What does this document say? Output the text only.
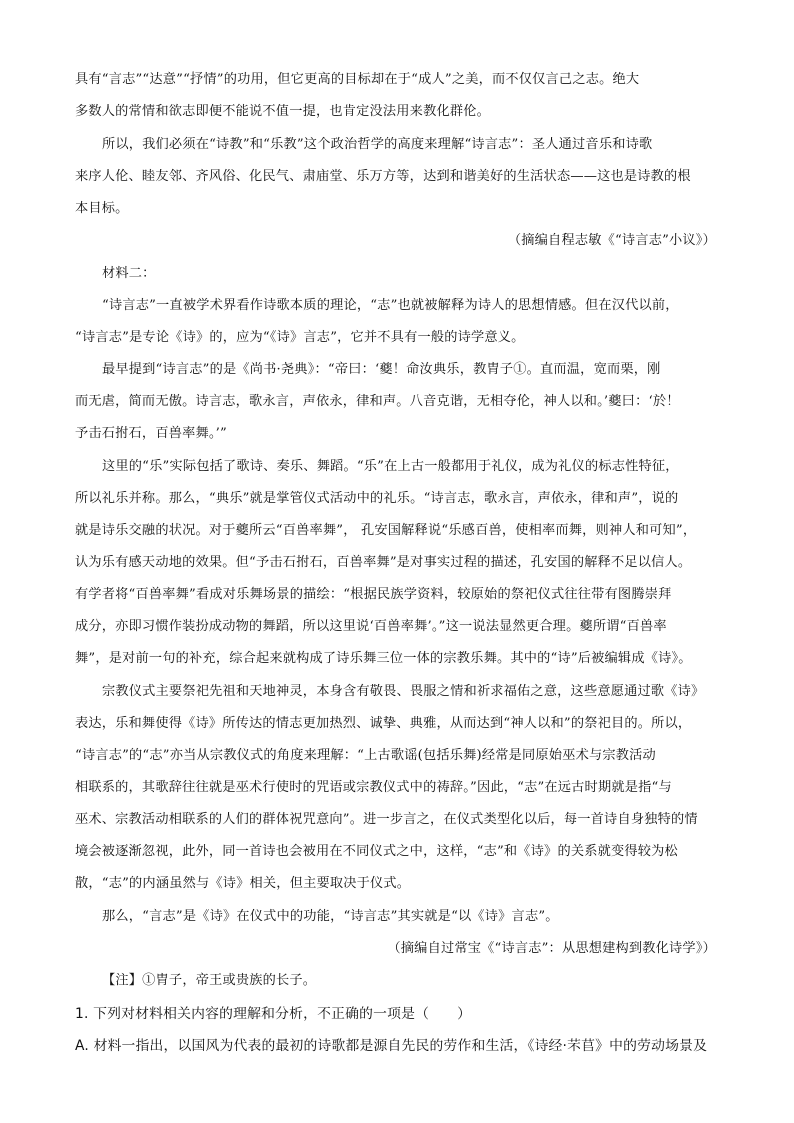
具有“言志”“达意”“抒情”的功用，但它更高的目标却在于“成人”之美，而不仅仅言己之志。绝大
多数人的常情和欲志即便不能说不值一提，也肯定没法用来教化群伦。
所以，我们必须在“诗教”和“乐教”这个政治哲学的高度来理解“诗言志”：圣人通过音乐和诗歌
来序人伦、睦友邻、齐风俗、化民气、肃庙堂、乐万方等，达到和谐美好的生活状态——这也是诗教的根
本目标。
（摘编自程志敏《“诗言志”小议》）
材料二：
“诗言志”一直被学术界看作诗歌本质的理论，“志”也就被解释为诗人的思想情感。但在汉代以前，
“诗言志”是专论《诗》的，应为“《诗》言志”，它并不具有一般的诗学意义。
最早提到“诗言志”的是《尚书·尧典》：“帝曰：‘夔！命汝典乐，教胄子①。直而温，宽而栗，刚
而无虐，简而无傲。诗言志，歌永言，声依永，律和声。八音克谐，无相夺伦，神人以和。’夔曰：‘於！
予击石拊石，百兽率舞。’”
这里的“乐”实际包括了歌诗、奏乐、舞蹈。“乐”在上古一般都用于礼仪，成为礼仪的标志性特征，
所以礼乐并称。那么，“典乐”就是掌管仪式活动中的礼乐。“诗言志，歌永言，声依永，律和声”，说的
就是诗乐交融的状况。对于夔所云“百兽率舞”， 孔安国解释说“乐感百兽，使相率而舞，则神人和可知”，
认为乐有感天动地的效果。但“予击石拊石，百兽率舞”是对事实过程的描述，孔安国的解释不足以信人。
有学者将“百兽率舞”看成对乐舞场景的描绘：“根据民族学资料，较原始的祭祀仪式往往带有图腾崇拜
成分，亦即习惯作装扮成动物的舞蹈，所以这里说‘百兽率舞’。”这一说法显然更合理。夔所谓“百兽率
舞”，是对前一句的补充，综合起来就构成了诗乐舞三位一体的宗教乐舞。其中的“诗”后被编辑成《诗》。
宗教仪式主要祭祀先祖和天地神灵，本身含有敬畏、畏服之情和祈求福佑之意，这些意愿通过歌《诗》
表达，乐和舞使得《诗》所传达的情志更加热烈、诚挚、典雅，从而达到“神人以和”的祭祀目的。所以，
“诗言志”的“志”亦当从宗教仪式的角度来理解：“上古歌谣(包括乐舞)经常是同原始巫术与宗教活动
相联系的，其歌辞往往就是巫术行使时的咒语或宗教仪式中的祷辞。”因此，“志”在远古时期就是指“与
巫术、宗教活动相联系的人们的群体祝咒意向”。进一步言之，在仪式类型化以后，每一首诗自身独特的情
境会被逐渐忽视，此外，同一首诗也会被用在不同仪式之中，这样，“志”和《诗》的关系就变得较为松
散，“志”的内涵虽然与《诗》相关，但主要取决于仪式。
那么，“言志”是《诗》在仪式中的功能，“诗言志”其实就是“以《诗》言志”。
（摘编自过常宝《“诗言志”：从思想建构到教化诗学》）
【注】①胄子，帝王或贵族的长子。
1. 下列对材料相关内容的理解和分析，不正确的一项是（　　）
A. 材料一指出，以国风为代表的最初的诗歌都是源自先民的劳作和生活，《诗经·芣苢》中的劳动场景及
